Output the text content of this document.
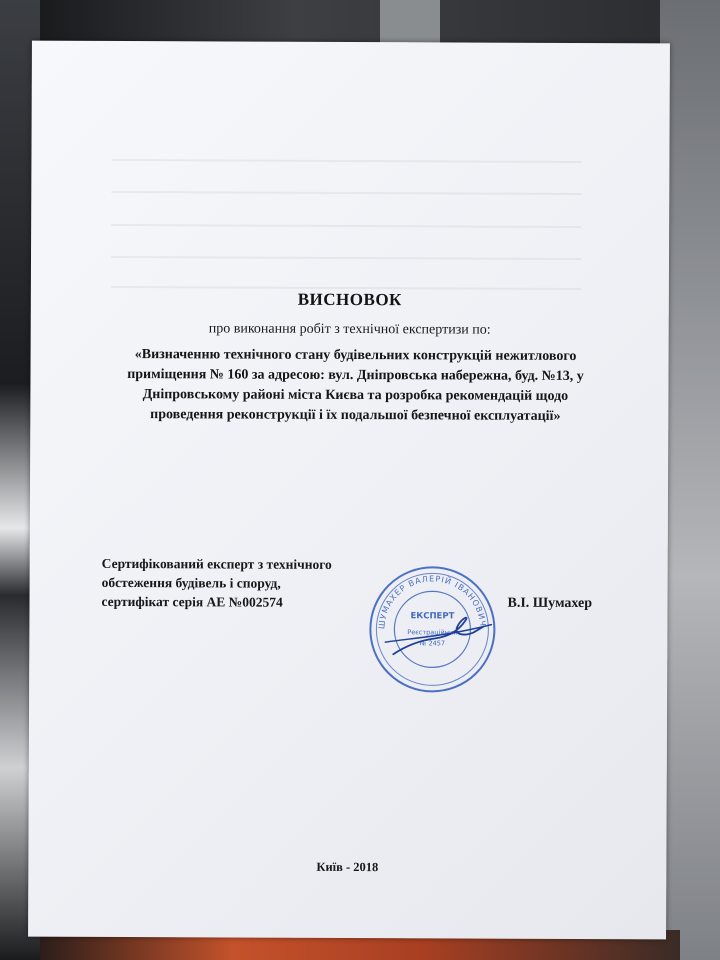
ВИСНОВОК
про виконання робіт з технічної експертизи по:
«Визначенню технічного стану будівельних конструкцій нежитлового
приміщення № 160 за адресою: вул. Дніпровська набережна, буд. №13, у
Дніпровському районі міста Києва та розробка рекомендацій щодо
проведення реконструкції і їх подальшої безпечної експлуатації»
Сертифікований експерт з технічного
обстеження будівель і споруд,
сертифікат серія АЕ №002574
ШУМАХЕР ВАЛЕРІЙ ІВАНОВИЧ
ЕКСПЕРТ
Реєстраційний
№ 2457
В.І. Шумахер
Київ - 2018
